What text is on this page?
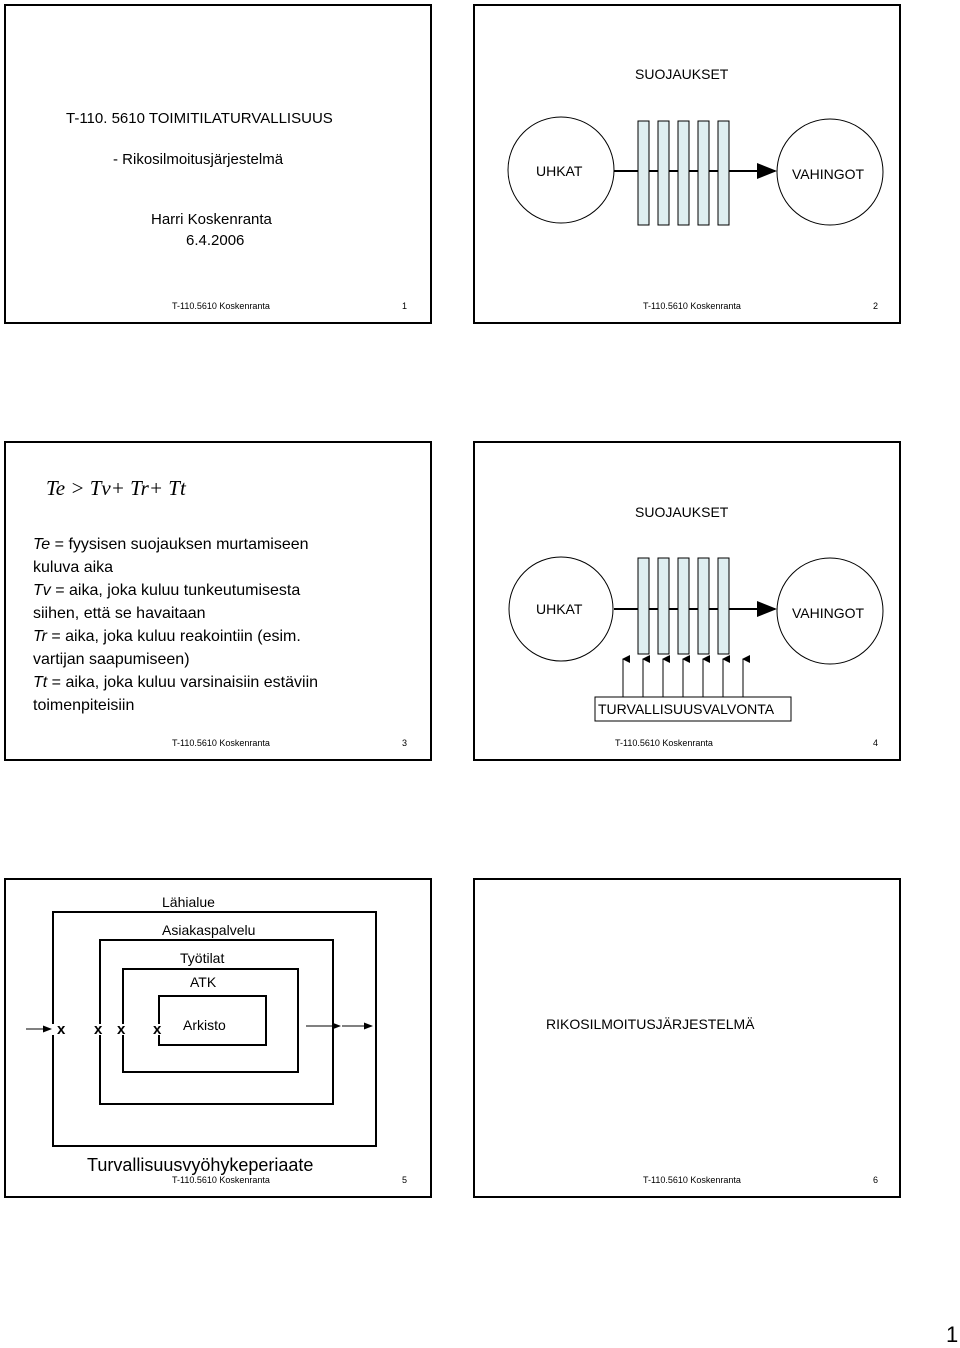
T-110. 5610 TOIMITILATURVALLISUUS
- Rikosilmoitusjärjestelmä
Harri Koskenranta
6.4.2006
T-110.5610 Koskenranta	1
SUOJAUKSET
UHKAT	VAHINGOT
T-110.5610 Koskenranta	2
Te > Tv+ Tr+ Tt
Te = fyysisen suojauksen murtamiseen
kuluva aika
Tv = aika, joka kuluu tunkeutumisesta
siihen, että se havaitaan
Tr = aika, joka kuluu reakointiin (esim.
vartijan saapumiseen)
Tt = aika, joka kuluu varsinaisiin estäviin
toimenpiteisiin
T-110.5610 Koskenranta	3
SUOJAUKSET
UHKAT	VAHINGOT
TURVALLISUUSVALVONTA
T-110.5610 Koskenranta	4
Lähialue
Asiakaspalvelu
Työtilat
ATK
Arkisto
x x x x
Turvallisuusvyöhykeperiaate
T-110.5610 Koskenranta	5
RIKOSILMOITUSJÄRJESTELMÄ
T-110.5610 Koskenranta	6
1
